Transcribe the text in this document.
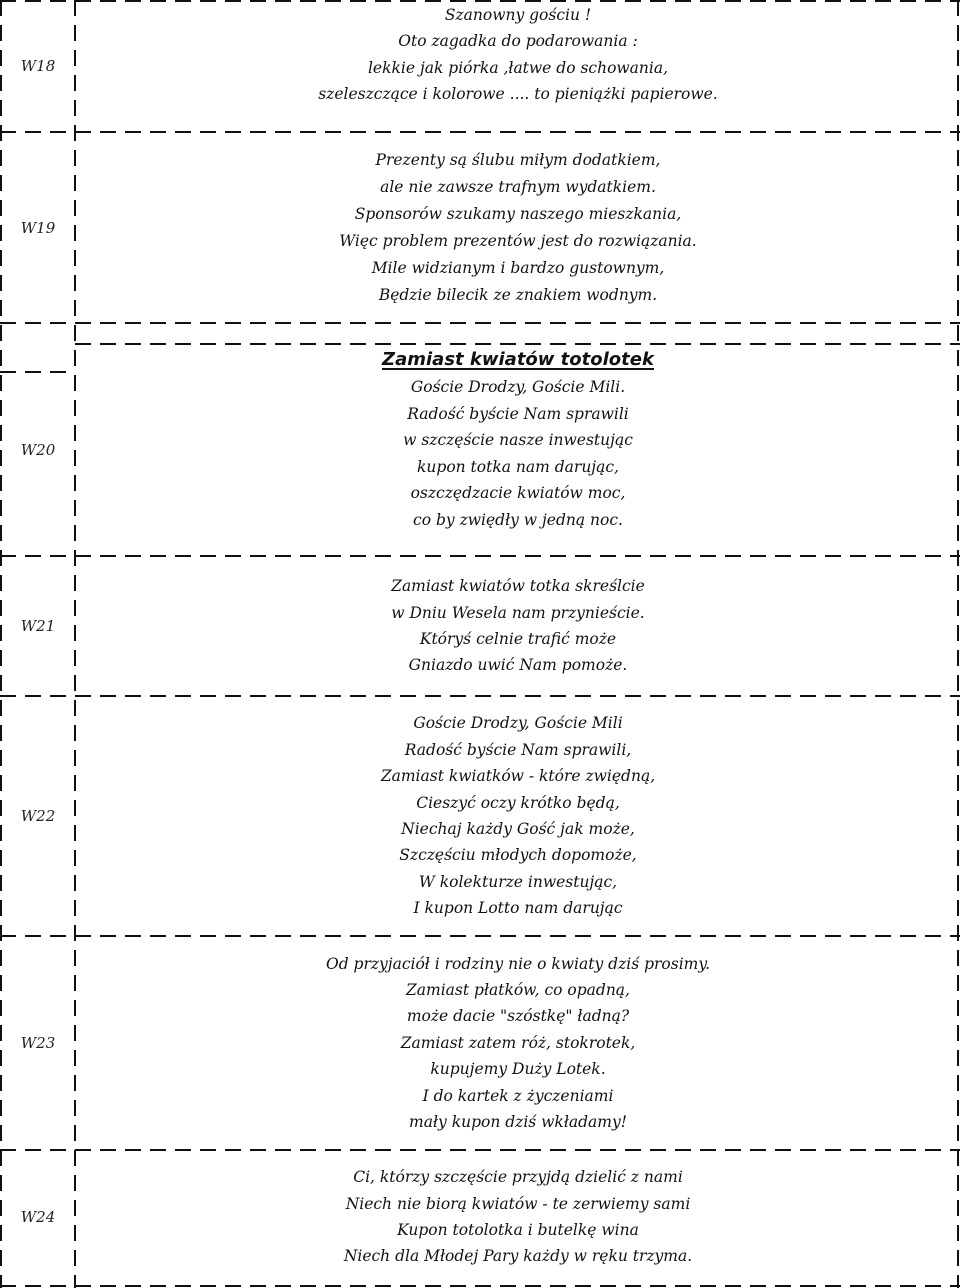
W18
Szanowny gościu !
Oto zagadka do podarowania :
lekkie jak piórka ,łatwe do schowania,
szeleszczące i kolorowe .... to pieniążki papierowe.
W19
Prezenty są ślubu miłym dodatkiem,
ale nie zawsze trafnym wydatkiem.
Sponsorów szukamy naszego mieszkania,
Więc problem prezentów jest do rozwiązania.
Mile widzianym i bardzo gustownym,
Będzie bilecik ze znakiem wodnym.
W20
Zamiast kwiatów totolotek
Goście Drodzy, Goście Mili.
Radość byście Nam sprawili
w szczęście nasze inwestując
kupon totka nam darując,
oszczędzacie kwiatów moc,
co by zwiędły w jedną noc.
W21
Zamiast kwiatów totka skreślcie
w Dniu Wesela nam przynieście.
Któryś celnie trafić może
Gniazdo uwić Nam pomoże.
W22
Goście Drodzy, Goście Mili
Radość byście Nam sprawili,
Zamiast kwiatków - które zwiędną,
Cieszyć oczy krótko będą,
Niechaj każdy Gość jak może,
Szczęściu młodych dopomoże,
W kolekturze inwestując,
I kupon Lotto nam darując
W23
Od przyjaciół i rodziny nie o kwiaty dziś prosimy.
Zamiast płatków, co opadną,
może dacie "szóstkę" ładną?
Zamiast zatem róż, stokrotek,
kupujemy Duży Lotek.
I do kartek z życzeniami
mały kupon dziś wkładamy!
W24
Ci, którzy szczęście przyjdą dzielić z nami
Niech nie biorą kwiatów - te zerwiemy sami
Kupon totolotka i butelkę wina
Niech dla Młodej Pary każdy w ręku trzyma.
